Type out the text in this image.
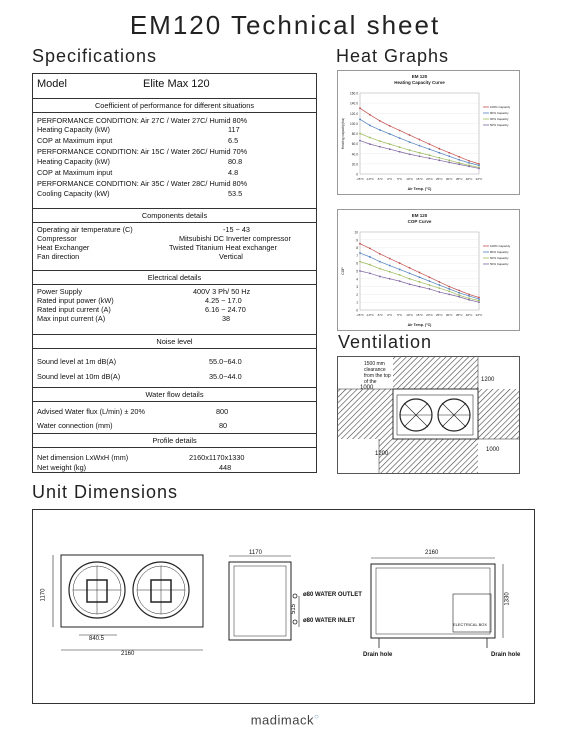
EM120 Technical sheet
Specifications	Heat Graphs
Ventilation
Unit Dimensions
Model	Elite Max 120
Coefficient of performance for different situations
PERFORMANCE CONDITION: Air 27C / Water 27C/ Humid 80%
Heating Capacity (kW)	117
COP at Maximum input	6.5
PERFORMANCE CONDITION: Air 15C / Water 26C/ Humid 70%
Heating Capacity (kW)	80.8
COP at Maximum input	4.8
PERFORMANCE CONDITION: Air 35C / Water 28C/ Humid 80%
Cooling Capacity (kW)	53.5
Components details
Operating air temperature (C)	-15 ~ 43
Compressor	Mitsubishi DC Inverter compressor
Heat Exchanger	Twisted Titanium Heat exchanger
Fan direction	Vertical
Electrical details
Power Supply	400V 3 Ph/ 50 Hz
Rated input power (kW)	4.25 ~ 17.0
Rated input current (A)	6.16 ~ 24.70
Max input current (A)	38
Noise level
Sound level at 1m dB(A)	55.0~64.0
Sound level at 10m dB(A)	35.0~44.0
Water flow details
Advised Water flux (L/min) ± 20%	800
Water connection (mm)	80
Profile details
Net dimension LxWxH (mm)	2160x1170x1330
Net weight (kg)	448
EM 120
Heating Capacity Curve
0
20.0
40.0
60.0
80.0
100.0
120.0
140.0
160.0
-15°C -10°C -5°C 0°C 5°C 10°C 15°C 20°C 25°C 30°C 35°C 40°C 43°C
Air Temp. (°C)
Heating capacity(kw)
100% Capacity
80% Capacity
60% Capacity
50% Capacity
EM 120
COP Curve
0
1
2
3
4
5
6
7
8
9
10
-15°C -10°C -5°C 0°C 5°C 10°C 15°C 20°C 25°C 30°C 35°C 40°C 43°C
Air Temp. (°C)
COP
100% Capacity
80% Capacity
60% Capacity
50% Capacity
1500 mm clearance from the top of the
1000
1000
1200
1200
1170	2160
1170
840.5
2160
1330
515
ø80 WATER OUTLET
ø80 WATER INLET
ELECTRICAL BOX
Drain hole	Drain hole
madimack○
